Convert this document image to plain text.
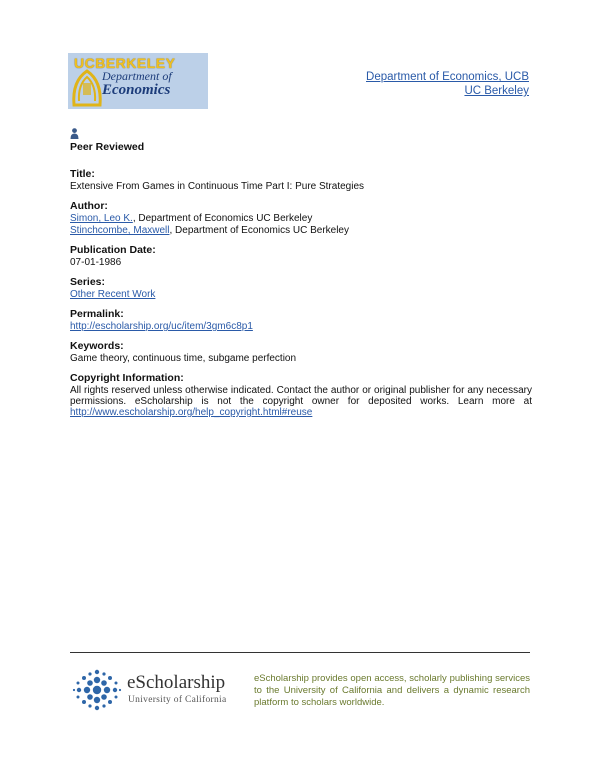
UCBERKELEY
Department of
Economics
Department of Economics, UCB
UC Berkeley
Peer Reviewed
Title:
Extensive From Games in Continuous Time Part I: Pure Strategies
Author:
Simon, Leo K., Department of Economics UC Berkeley
Stinchcombe, Maxwell, Department of Economics UC Berkeley
Publication Date:
07-01-1986
Series:
Other Recent Work
Permalink:
http://escholarship.org/uc/item/3gm6c8p1
Keywords:
Game theory, continuous time, subgame perfection
Copyright Information:
All rights reserved unless otherwise indicated. Contact the author or original publisher for any necessary permissions. eScholarship is not the copyright owner for deposited works. Learn more at http://www.escholarship.org/help_copyright.html#reuse
eScholarship
University of California
eScholarship provides open access, scholarly publishing services to the University of California and delivers a dynamic research platform to scholars worldwide.
